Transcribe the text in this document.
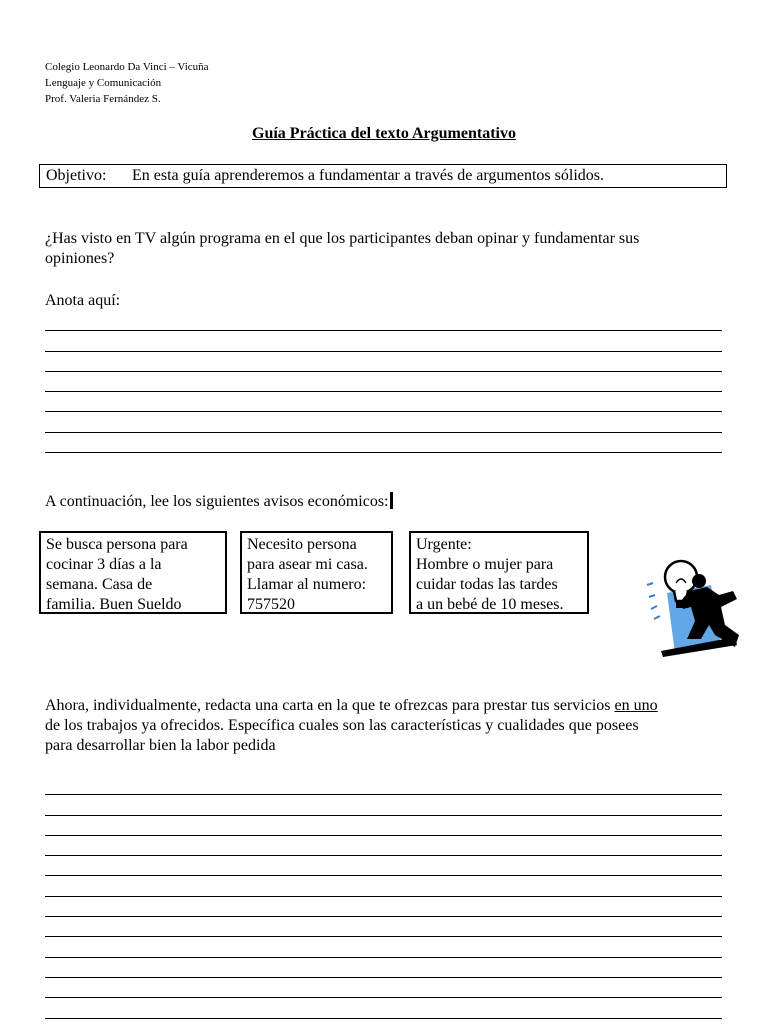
Colegio Leonardo Da Vinci – Vicuña
Lenguaje y Comunicación
Prof. Valeria Fernández S.
Guía Práctica del texto Argumentativo
Objetivo: En esta guía aprenderemos a fundamentar a través de argumentos sólidos.
¿Has visto en TV algún programa en el que los participantes deban opinar y fundamentar sus
opiniones?
Anota aquí:
A continuación, lee los siguientes avisos económicos:
Se busca persona para
cocinar 3 días a la
semana. Casa de
familia. Buen Sueldo
Necesito persona
para asear mi casa.
Llamar al numero:
757520
Urgente:
Hombre o mujer para
cuidar todas las tardes
a un bebé de 10 meses.
Ahora, individualmente, redacta una carta en la que te ofrezcas para prestar tus servicios en uno
de los trabajos ya ofrecidos. Específica cuales son las características y cualidades que posees
para desarrollar bien la labor pedida
